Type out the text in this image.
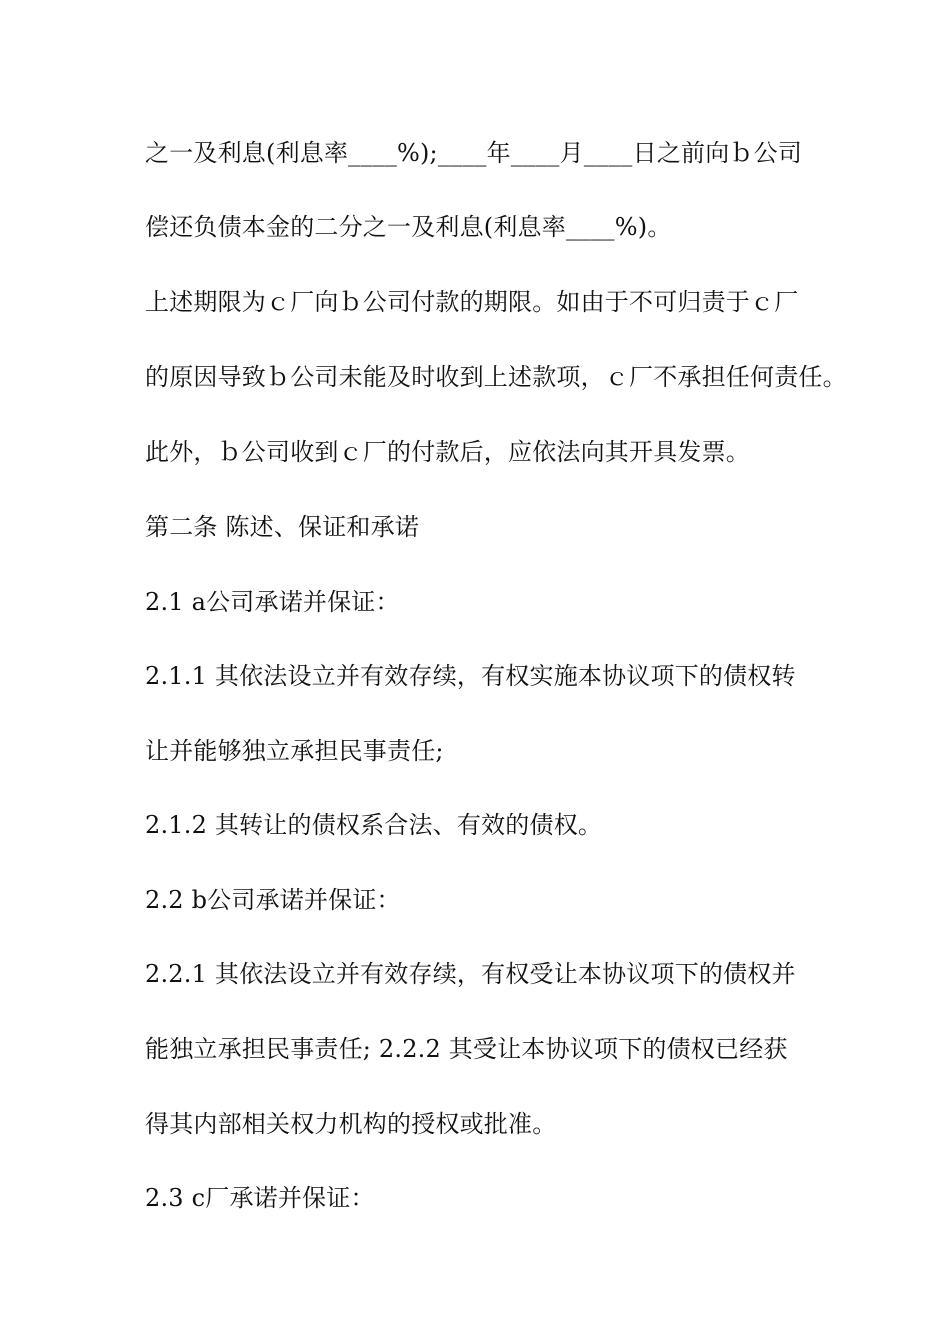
之一及利息(利息率____%);____年____月____日之前向ｂ公司
偿还负债本金的二分之一及利息(利息率____%)。
上述期限为ｃ厂向ｂ公司付款的期限。如由于不可归责于ｃ厂
的原因导致ｂ公司未能及时收到上述款项，ｃ厂不承担任何责任。
此外，ｂ公司收到ｃ厂的付款后，应依法向其开具发票。
第二条 陈述、保证和承诺
2.1 a公司承诺并保证：
2.1.1 其依法设立并有效存续，有权实施本协议项下的债权转
让并能够独立承担民事责任;
2.1.2 其转让的债权系合法、有效的债权。
2.2 b公司承诺并保证：
2.2.1 其依法设立并有效存续，有权受让本协议项下的债权并
能独立承担民事责任; 2.2.2 其受让本协议项下的债权已经获
得其内部相关权力机构的授权或批准。
2.3 c厂承诺并保证：
